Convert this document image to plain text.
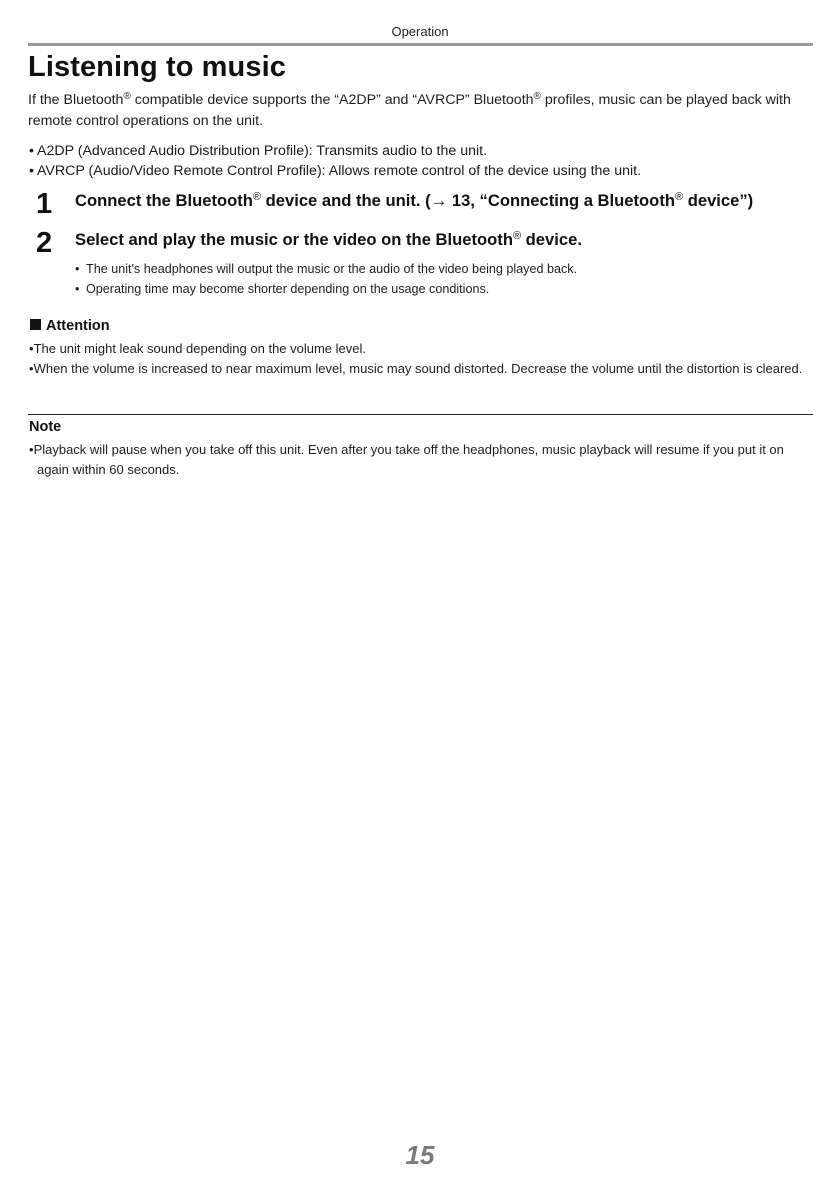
Operation
Listening to music

If the Bluetooth® compatible device supports the “A2DP” and “AVRCP” Bluetooth® profiles, music can be played back with remote control operations on the unit.

• A2DP (Advanced Audio Distribution Profile): Transmits audio to the unit.
• AVRCP (Audio/Video Remote Control Profile): Allows remote control of the device using the unit.
1 Connect the Bluetooth® device and the unit. (→ 13, “Connecting a Bluetooth® device”)
2 Select and play the music or the video on the Bluetooth® device.
• The unit's headphones will output the music or the audio of the video being played back.
• Operating time may become shorter depending on the usage conditions.
Attention
•The unit might leak sound depending on the volume level.
•When the volume is increased to near maximum level, music may sound distorted. Decrease the volume until the distortion is cleared.
Note
•Playback will pause when you take off this unit. Even after you take off the headphones, music playback will resume if you put it on again within 60 seconds.
15
